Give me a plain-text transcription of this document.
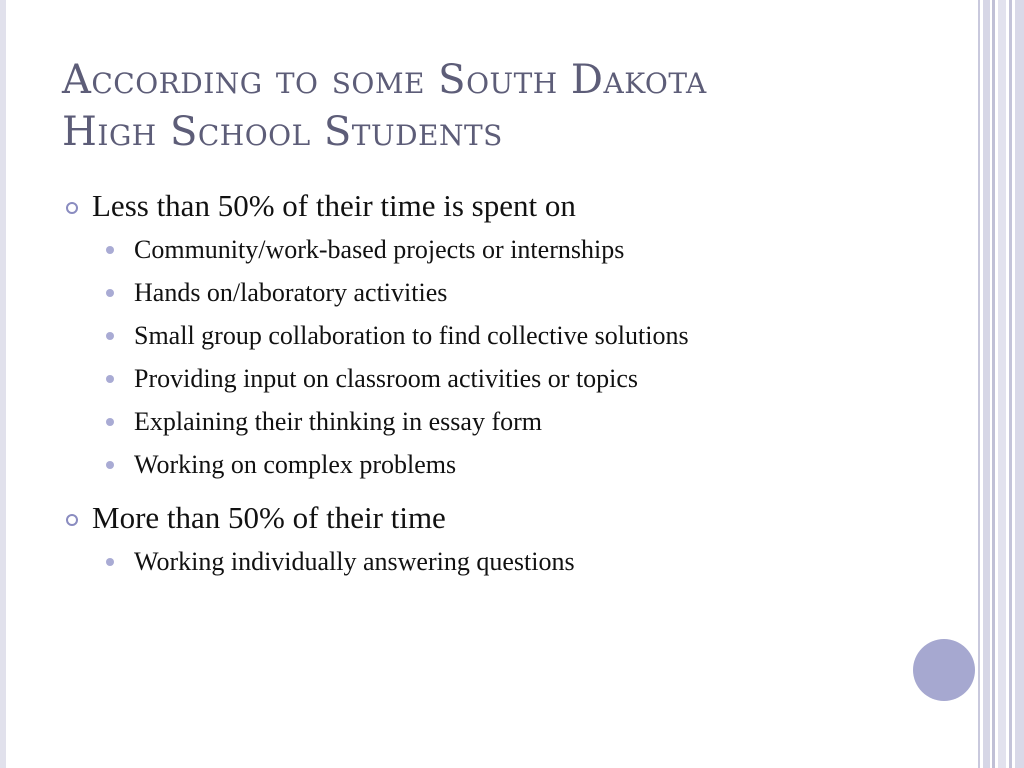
According to some South Dakota
High School Students

Less than 50% of their time is spent on

Community/work-based projects or internships
Hands on/laboratory activities
Small group collaboration to find collective solutions
Providing input on classroom activities or topics
Explaining their thinking in essay form
Working on complex problems

More than 50% of their time

Working individually answering questions
